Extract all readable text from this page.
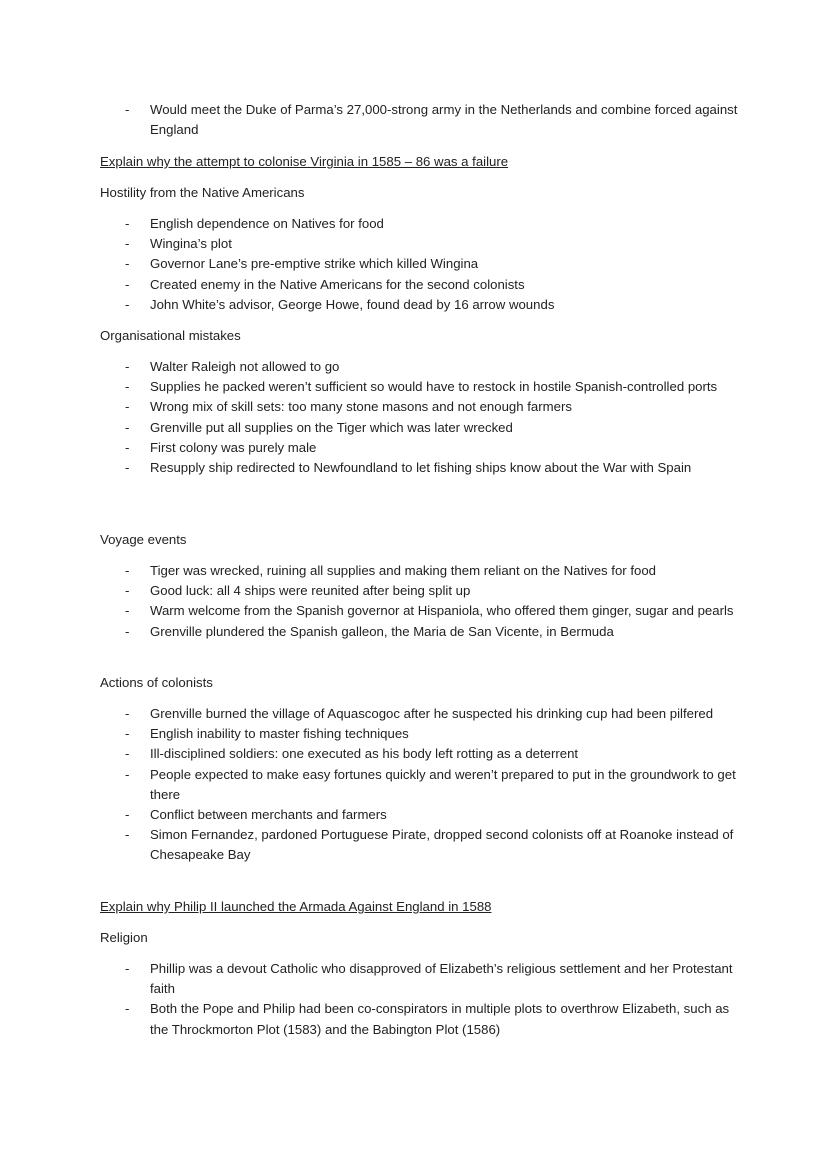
- Would meet the Duke of Parma’s 27,000-strong army in the Netherlands and combine forced against England

Explain why the attempt to colonise Virginia in 1585 – 86 was a failure

Hostility from the Native Americans

- English dependence on Natives for food
- Wingina’s plot
- Governor Lane’s pre-emptive strike which killed Wingina
- Created enemy in the Native Americans for the second colonists
- John White’s advisor, George Howe, found dead by 16 arrow wounds

Organisational mistakes

- Walter Raleigh not allowed to go
- Supplies he packed weren’t sufficient so would have to restock in hostile Spanish-controlled ports
- Wrong mix of skill sets: too many stone masons and not enough farmers
- Grenville put all supplies on the Tiger which was later wrecked
- First colony was purely male
- Resupply ship redirected to Newfoundland to let fishing ships know about the War with Spain

Voyage events

- Tiger was wrecked, ruining all supplies and making them reliant on the Natives for food
- Good luck: all 4 ships were reunited after being split up
- Warm welcome from the Spanish governor at Hispaniola, who offered them ginger, sugar and pearls
- Grenville plundered the Spanish galleon, the Maria de San Vicente, in Bermuda

Actions of colonists

- Grenville burned the village of Aquascogoc after he suspected his drinking cup had been pilfered
- English inability to master fishing techniques
- Ill-disciplined soldiers: one executed as his body left rotting as a deterrent
- People expected to make easy fortunes quickly and weren’t prepared to put in the groundwork to get there
- Conflict between merchants and farmers
- Simon Fernandez, pardoned Portuguese Pirate, dropped second colonists off at Roanoke instead of Chesapeake Bay

Explain why Philip II launched the Armada Against England in 1588

Religion

- Phillip was a devout Catholic who disapproved of Elizabeth’s religious settlement and her Protestant faith
- Both the Pope and Philip had been co-conspirators in multiple plots to overthrow Elizabeth, such as the Throckmorton Plot (1583) and the Babington Plot (1586)
